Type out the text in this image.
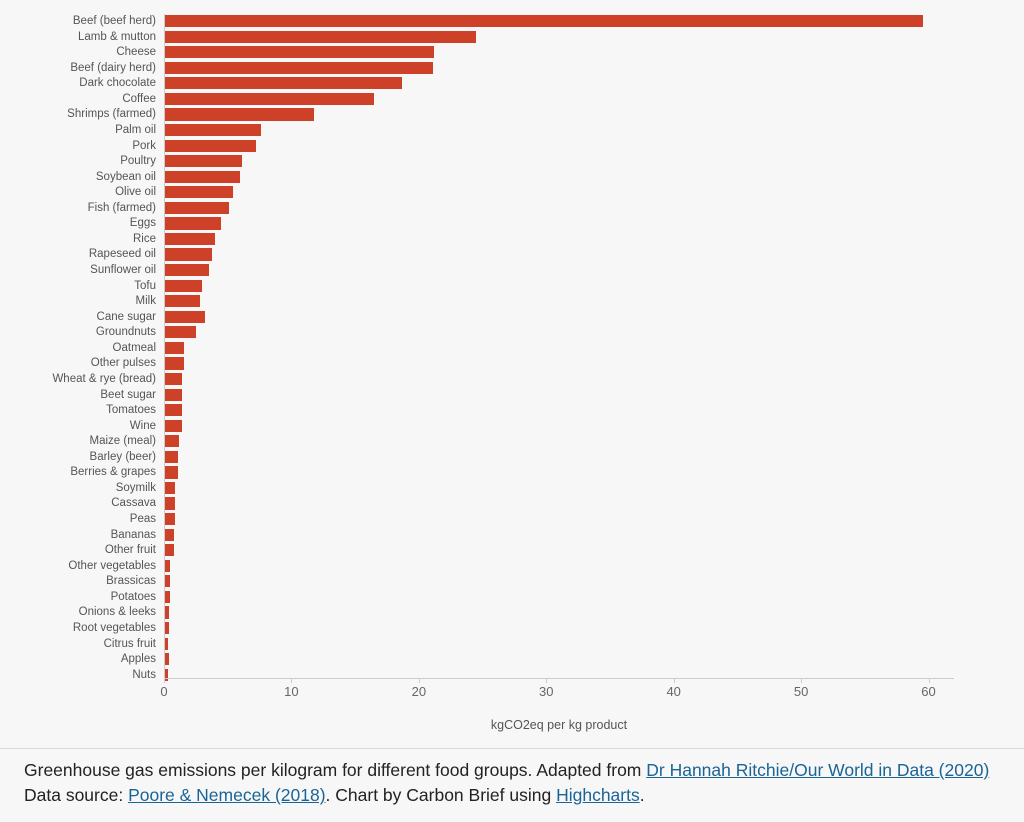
Beef (beef herd)
Lamb & mutton
Cheese
Beef (dairy herd)
Dark chocolate
Coffee
Shrimps (farmed)
Palm oil
Pork
Poultry
Soybean oil
Olive oil
Fish (farmed)
Eggs
Rice
Rapeseed oil
Sunflower oil
Tofu
Milk
Cane sugar
Groundnuts
Oatmeal
Other pulses
Wheat & rye (bread)
Beet sugar
Tomatoes
Wine
Maize (meal)
Barley (beer)
Berries & grapes
Soymilk
Cassava
Peas
Bananas
Other fruit
Other vegetables
Brassicas
Potatoes
Onions & leeks
Root vegetables
Citrus fruit
Apples
Nuts
0	10	20	30	40	50	60
kgCO2eq per kg product
Greenhouse gas emissions per kilogram for different food groups. Adapted from Dr Hannah Ritchie/Our World in Data (2020) Data source: Poore & Nemecek (2018). Chart by Carbon Brief using Highcharts.
